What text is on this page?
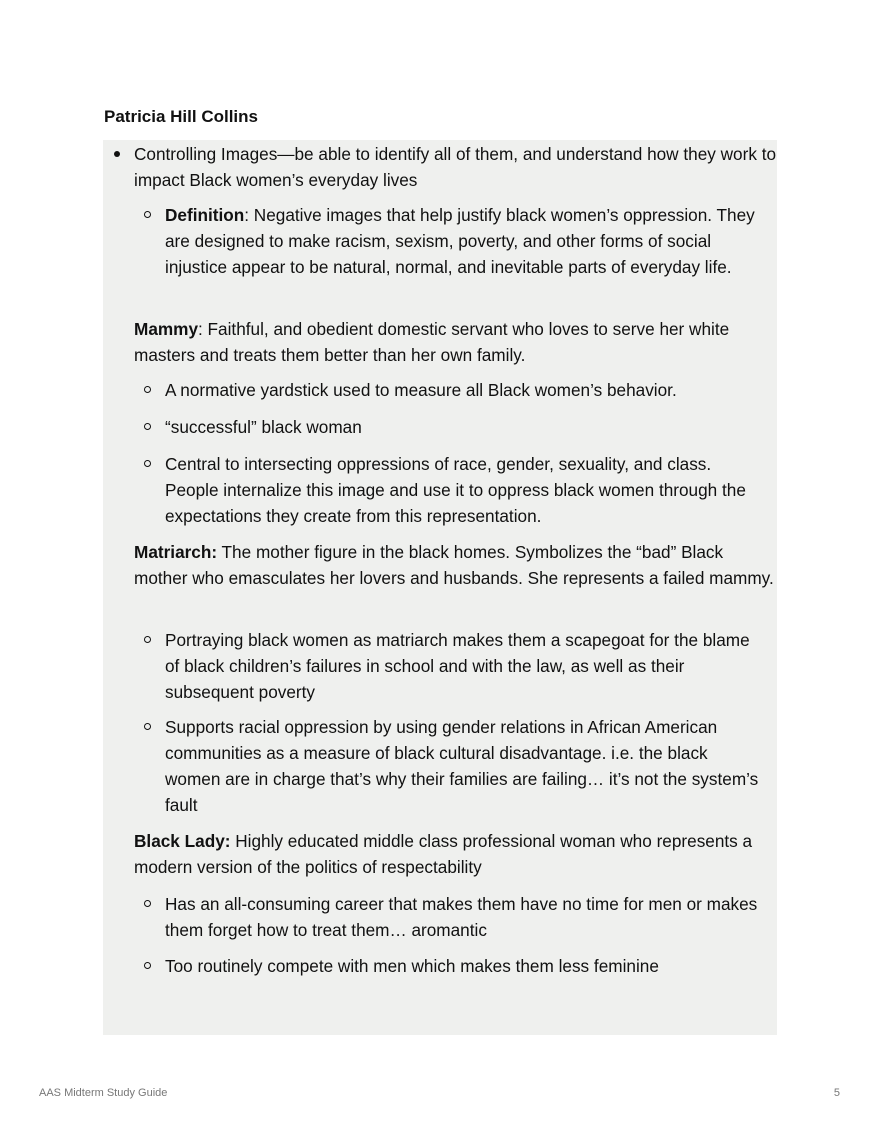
Patricia Hill Collins

Controlling Images—be able to identify all of them, and understand how they work to impact Black women’s everyday lives

Definition: Negative images that help justify black women’s oppression. They are designed to make racism, sexism, poverty, and other forms of social injustice appear to be natural, normal, and inevitable parts of everyday life.

Mammy: Faithful, and obedient domestic servant who loves to serve her white masters and treats them better than her own family.

A normative yardstick used to measure all Black women’s behavior.

“successful” black woman

Central to intersecting oppressions of race, gender, sexuality, and class. People internalize this image and use it to oppress black women through the expectations they create from this representation.

Matriarch: The mother figure in the black homes. Symbolizes the “bad” Black mother who emasculates her lovers and husbands. She represents a failed mammy.

Portraying black women as matriarch makes them a scapegoat for the blame of black children’s failures in school and with the law, as well as their subsequent poverty

Supports racial oppression by using gender relations in African American communities as a measure of black cultural disadvantage. i.e. the black women are in charge that’s why their families are failing… it’s not the system’s fault

Black Lady: Highly educated middle class professional woman who represents a modern version of the politics of respectability

Has an all-consuming career that makes them have no time for men or makes them forget how to treat them… aromantic

Too routinely compete with men which makes them less feminine

AAS Midterm Study Guide	5
